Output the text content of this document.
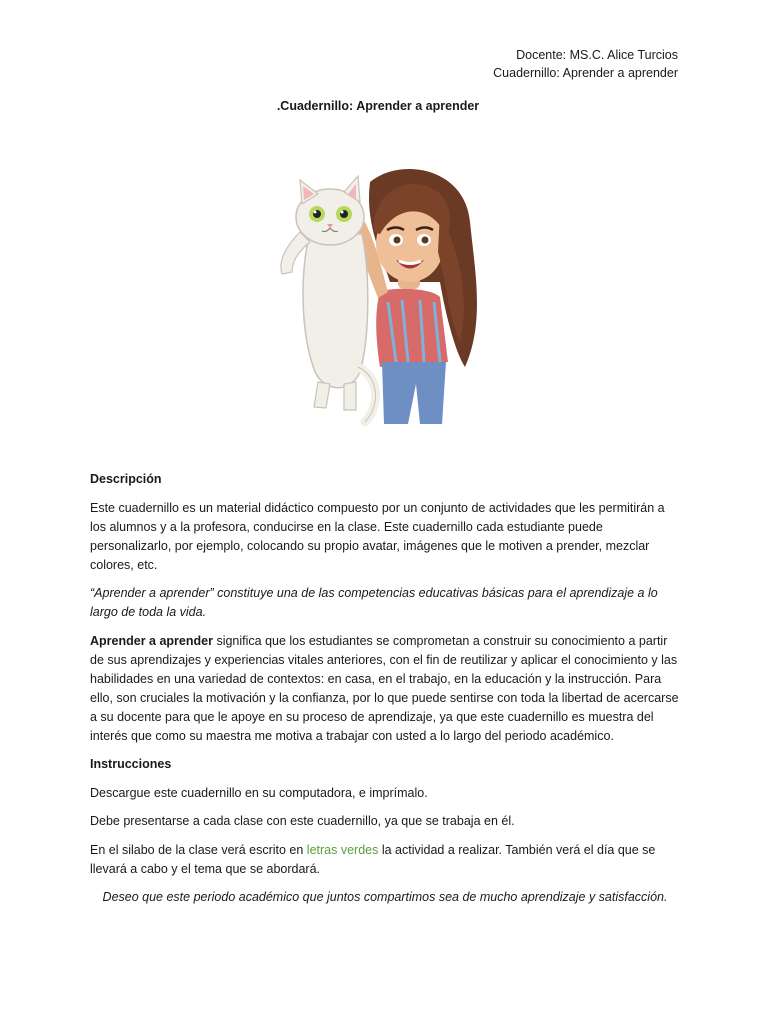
Docente: MS.C. Alice Turcios
Cuadernillo: Aprender a aprender
.Cuadernillo: Aprender a aprender

Descripción

Este cuadernillo es un material didáctico compuesto por un conjunto de actividades que les permitirán a los alumnos y a la profesora, conducirse en la clase. Este cuadernillo cada estudiante puede personalizarlo, por ejemplo, colocando su propio avatar, imágenes que le motiven a prender, mezclar colores, etc.

“Aprender a aprender” constituye una de las competencias educativas básicas para el aprendizaje a lo largo de toda la vida.

Aprender a aprender significa que los estudiantes se comprometan a construir su conocimiento a partir de sus aprendizajes y experiencias vitales anteriores, con el fin de reutilizar y aplicar el conocimiento y las habilidades en una variedad de contextos: en casa, en el trabajo, en la educación y la instrucción. Para ello, son cruciales la motivación y la confianza, por lo que puede sentirse con toda la libertad de acercarse a su docente para que le apoye en su proceso de aprendizaje, ya que este cuadernillo es muestra del interés que como su maestra me motiva a trabajar con usted a lo largo del periodo académico.

Instrucciones

Descargue este cuadernillo en su computadora, e imprímalo.

Debe presentarse a cada clase con este cuadernillo, ya que se trabaja en él.

En el silabo de la clase verá escrito en letras verdes la actividad a realizar. También verá el día que se llevará a cabo y el tema que se abordará.

Deseo que este periodo académico que juntos compartimos sea de mucho aprendizaje y satisfacción.
